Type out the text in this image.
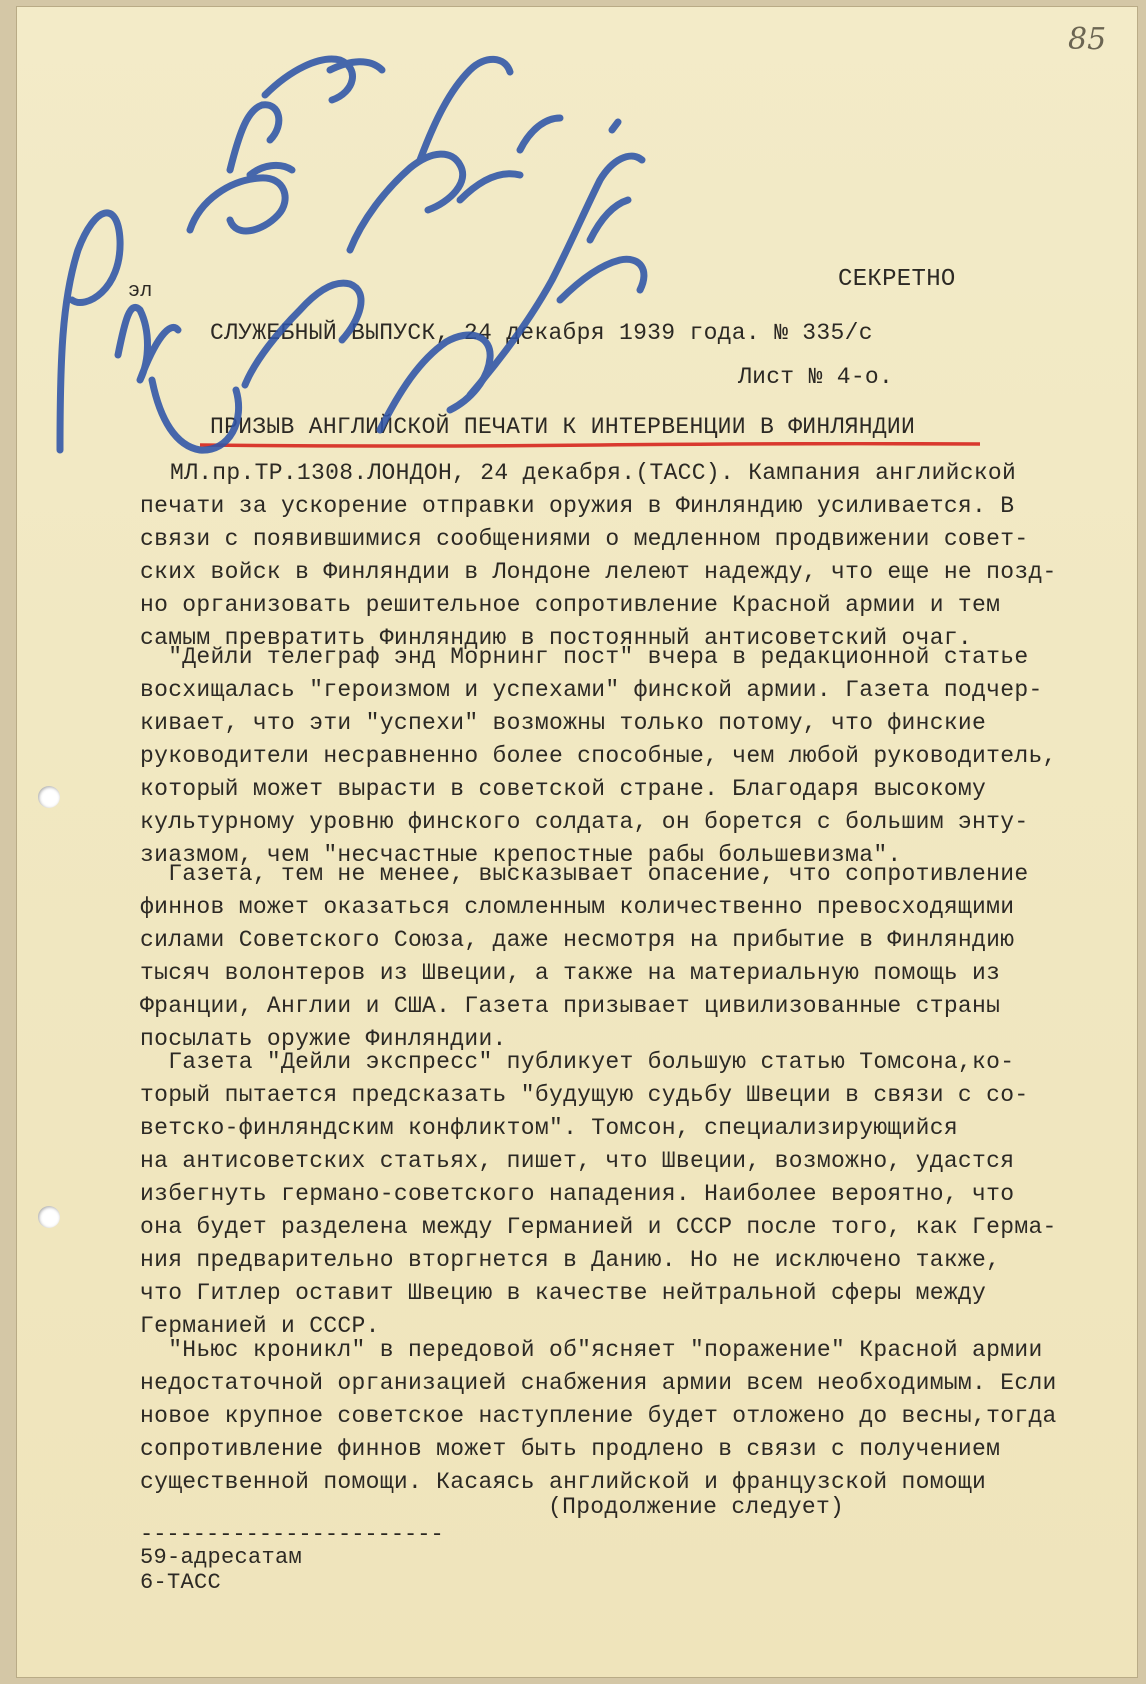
85
эл	СЕКРЕТНО
СЛУЖЕБНЫЙ ВЫПУСК, 24 декабря 1939 года. № 335/с
Лист № 4-о.
ПРИЗЫВ АНГЛИЙСКОЙ ПЕЧАТИ К ИНТЕРВЕНЦИИ В ФИНЛЯНДИИ
МЛ.пр.ТР.1308.ЛОНДОН, 24 декабря.(ТАСС). Кампания английской
печати за ускорение отправки оружия в Финляндию усиливается. В
связи с появившимися сообщениями о медленном продвижении совет-
ских войск в Финляндии в Лондоне лелеют надежду, что еще не позд-
но организовать решительное сопротивление Красной армии и тем
самым превратить Финляндию в постоянный антисоветский очаг.
"Дейли телеграф энд Морнинг пост" вчера в редакционной статье
восхищалась "героизмом и успехами" финской армии. Газета подчер-
кивает, что эти "успехи" возможны только потому, что финские
руководители несравненно более способные, чем любой руководитель,
который может вырасти в советской стране. Благодаря высокому
культурному уровню финского солдата, он борется с большим энту-
зиазмом, чем "несчастные крепостные рабы большевизма".
Газета, тем не менее, высказывает опасение, что сопротивление
финнов может оказаться сломленным количественно превосходящими
силами Советского Союза, даже несмотря на прибытие в Финляндию
тысяч волонтеров из Швеции, а также на материальную помощь из
Франции, Англии и США. Газета призывает цивилизованные страны
посылать оружие Финляндии.
Газета "Дейли экспресс" публикует большую статью Томсона,ко-
торый пытается предсказать "будущую судьбу Швеции в связи с со-
ветско-финляндским конфликтом". Томсон, специализирующийся
на антисоветских статьях, пишет, что Швеции, возможно, удастся
избегнуть германо-советского нападения. Наиболее вероятно, что
она будет разделена между Германией и СССР после того, как Герма-
ния предварительно вторгнется в Данию. Но не исключено также,
что Гитлер оставит Швецию в качестве нейтральной сферы между
Германией и СССР.
"Ньюс кроникл" в передовой об"ясняет "поражение" Красной армии
недостаточной организацией снабжения армии всем необходимым. Если
новое крупное советское наступление будет отложено до весны,тогда
сопротивление финнов может быть продлено в связи с получением
существенной помощи. Касаясь английской и французской помощи
(Продолжение следует)
-----------------------
59-адресатам
6-ТАСС
